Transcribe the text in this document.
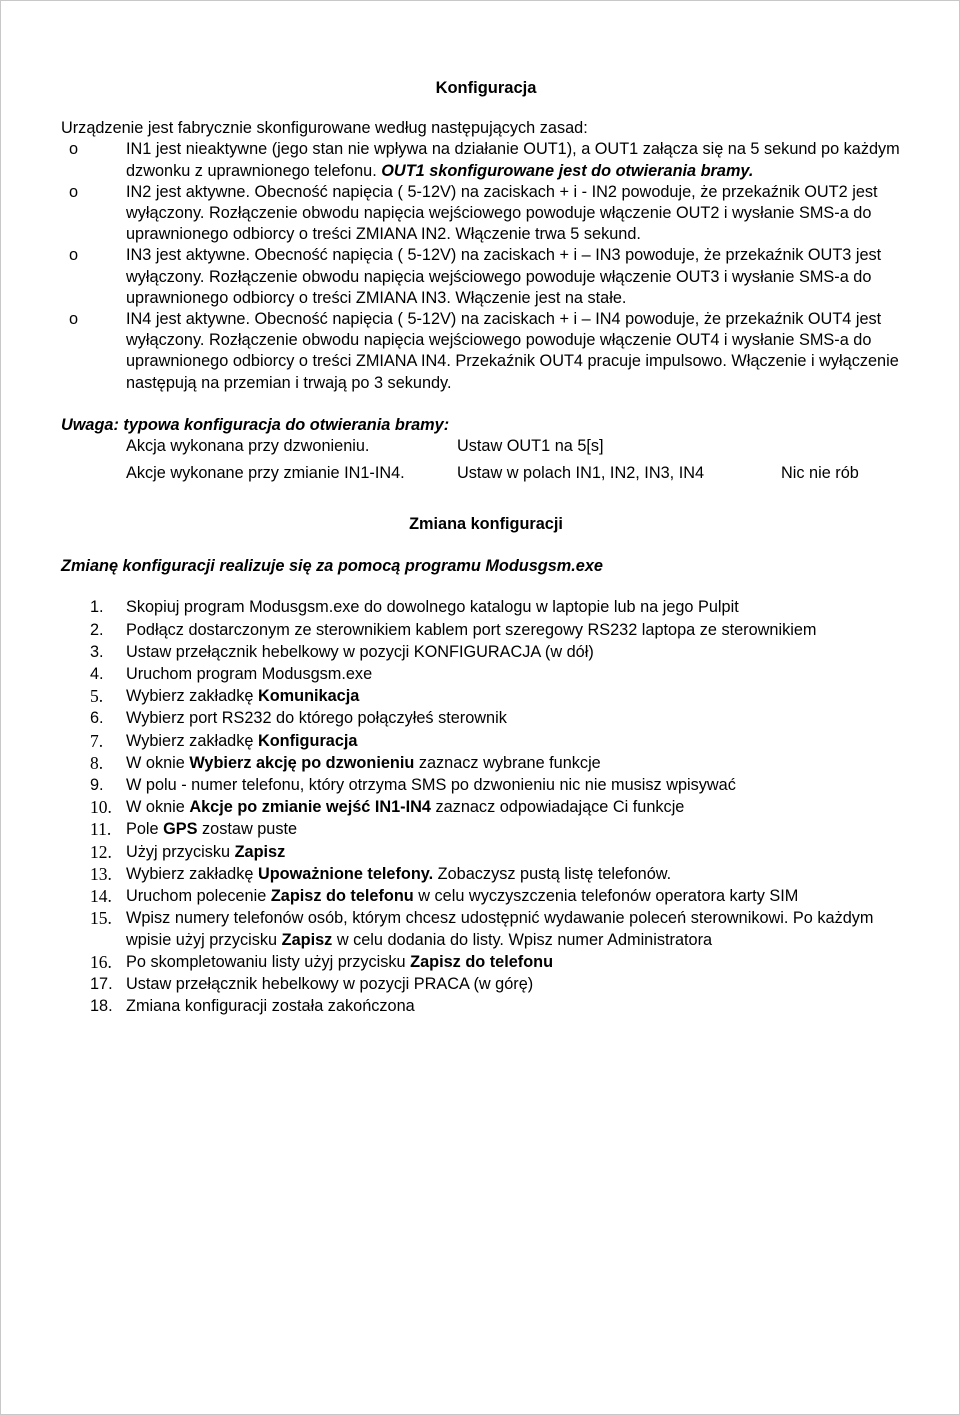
Konfiguracja

Urządzenie jest fabrycznie skonfigurowane według następujących zasad:

o	IN1 jest nieaktywne (jego stan nie wpływa na działanie OUT1), a OUT1 załącza się na 5 sekund po każdym dzwonku z uprawnionego telefonu. OUT1 skonfigurowane jest do otwierania bramy.
o	IN2 jest aktywne. Obecność napięcia ( 5-12V) na zaciskach + i - IN2 powoduje, że przekaźnik OUT2 jest wyłączony. Rozłączenie obwodu napięcia wejściowego powoduje włączenie OUT2 i wysłanie SMS-a do uprawnionego odbiorcy o treści ZMIANA IN2. Włączenie trwa 5 sekund.
o	IN3 jest aktywne. Obecność napięcia ( 5-12V) na zaciskach + i – IN3 powoduje, że przekaźnik OUT3 jest wyłączony. Rozłączenie obwodu napięcia wejściowego powoduje włączenie OUT3 i wysłanie SMS-a do uprawnionego odbiorcy o treści ZMIANA IN3. Włączenie jest na stałe.
o	IN4 jest aktywne. Obecność napięcia ( 5-12V) na zaciskach + i – IN4 powoduje, że przekaźnik OUT4 jest wyłączony. Rozłączenie obwodu napięcia wejściowego powoduje włączenie OUT4 i wysłanie SMS-a do uprawnionego odbiorcy o treści ZMIANA IN4. Przekaźnik OUT4 pracuje impulsowo. Włączenie i wyłączenie następują na przemian i trwają po 3 sekundy.
Uwaga: typowa konfiguracja do otwierania bramy:
Akcja wykonana przy dzwonieniu.	Ustaw OUT1 na 5[s]
Akcje wykonane przy zmianie IN1-IN4.	Ustaw w polach IN1, IN2, IN3, IN4	Nic nie rób

Zmiana konfiguracji

Zmianę konfiguracji realizuje się za pomocą programu Modusgsm.exe
1. Skopiuj program Modusgsm.exe do dowolnego katalogu w laptopie lub na jego Pulpit
2. Podłącz dostarczonym ze sterownikiem kablem port szeregowy RS232 laptopa ze sterownikiem
3. Ustaw przełącznik hebelkowy w pozycji KONFIGURACJA (w dół)
4. Uruchom program Modusgsm.exe
5. Wybierz zakładkę Komunikacja
6. Wybierz port RS232 do którego połączyłeś sterownik
7. Wybierz zakładkę Konfiguracja
8. W oknie Wybierz akcję po dzwonieniu zaznacz wybrane funkcje
9. W polu - numer telefonu, który otrzyma SMS po dzwonieniu nic nie musisz wpisywać
10. W oknie Akcje po zmianie wejść IN1-IN4 zaznacz odpowiadające Ci funkcje
11. Pole GPS zostaw puste
12. Użyj przycisku Zapisz
13. Wybierz zakładkę Upoważnione telefony. Zobaczysz pustą listę telefonów.
14. Uruchom polecenie Zapisz do telefonu w celu wyczyszczenia telefonów operatora karty SIM
15. Wpisz numery telefonów osób, którym chcesz udostępnić wydawanie poleceń sterownikowi. Po każdym wpisie użyj przycisku Zapisz w celu dodania do listy. Wpisz numer Administratora
16. Po skompletowaniu listy użyj przycisku Zapisz do telefonu
17. Ustaw przełącznik hebelkowy w pozycji PRACA (w górę)
18. Zmiana konfiguracji została zakończona
